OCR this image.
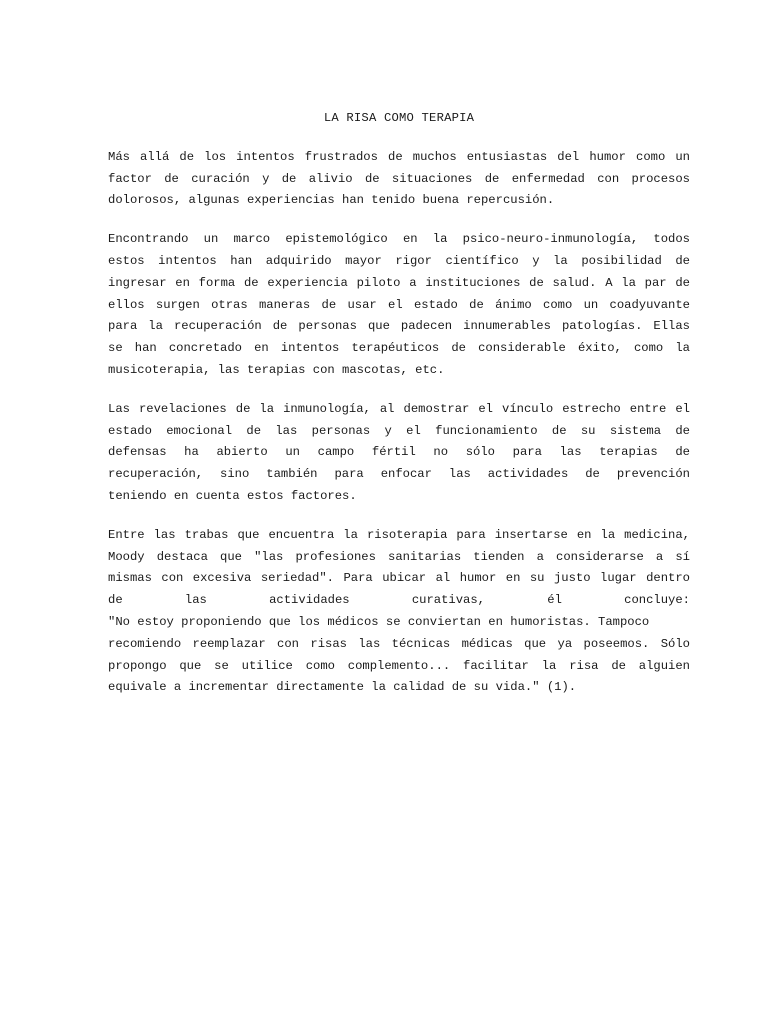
LA RISA COMO TERAPIA
Más allá de los intentos frustrados de muchos entusiastas del humor como un
factor de curación y de alivio de situaciones de enfermedad con procesos
dolorosos, algunas experiencias han tenido buena repercusión.
Encontrando un marco epistemológico en la psico-neuro-inmunología, todos
estos intentos han adquirido mayor rigor científico y la posibilidad de
ingresar en forma de experiencia piloto a instituciones de salud. A la par de
ellos surgen otras maneras de usar el estado de ánimo como un coadyuvante
para la recuperación de personas que padecen innumerables patologías. Ellas
se han concretado en intentos terapéuticos de considerable éxito, como la
musicoterapia, las terapias con mascotas, etc.
Las revelaciones de la inmunología, al demostrar el vínculo estrecho entre el
estado emocional de las personas y el funcionamiento de su sistema de
defensas ha abierto un campo fértil no sólo para las terapias de
recuperación, sino también para enfocar las actividades de prevención
teniendo en cuenta estos factores.
Entre las trabas que encuentra la risoterapia para insertarse en la medicina,
Moody destaca que "las profesiones sanitarias tienden a considerarse a sí
mismas con excesiva seriedad". Para ubicar al humor en su justo lugar dentro
de las actividades curativas, él concluye:
"No estoy proponiendo que los médicos se conviertan en humoristas. Tampoco
recomiendo reemplazar con risas las técnicas médicas que ya poseemos. Sólo
propongo que se utilice como complemento... facilitar la risa de alguien
equivale a incrementar directamente la calidad de su vida." (1).
